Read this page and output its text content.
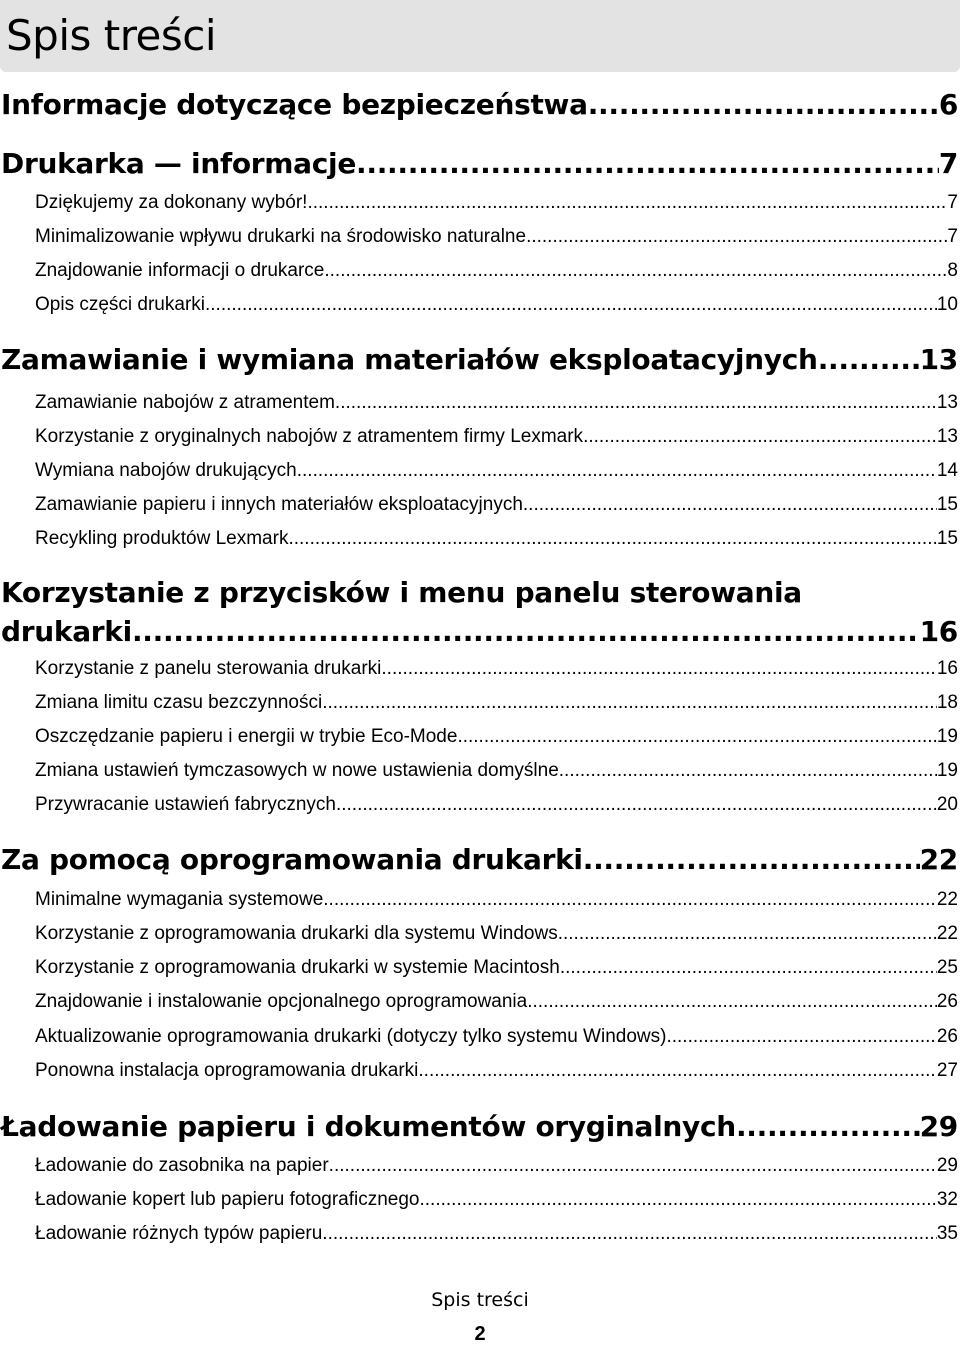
Spis treści
Informacje dotyczące bezpieczeństwa .....	6
Drukarka — informacje .....	7
Dziękujemy za dokonany wybór! .....	7
Minimalizowanie wpływu drukarki na środowisko naturalne .....	7
Znajdowanie informacji o drukarce .....	8
Opis części drukarki .....	10
Zamawianie i wymiana materiałów eksploatacyjnych .....	13
Zamawianie nabojów z atramentem .....	13
Korzystanie z oryginalnych nabojów z atramentem firmy Lexmark .....	13
Wymiana nabojów drukujących .....	14
Zamawianie papieru i innych materiałów eksploatacyjnych .....	15
Recykling produktów Lexmark .....	15
Korzystanie z przycisków i menu panelu sterowania
drukarki .....	16
Korzystanie z panelu sterowania drukarki .....	16
Zmiana limitu czasu bezczynności .....	18
Oszczędzanie papieru i energii w trybie Eco-Mode .....	19
Zmiana ustawień tymczasowych w nowe ustawienia domyślne .....	19
Przywracanie ustawień fabrycznych .....	20
Za pomocą oprogramowania drukarki .....	22
Minimalne wymagania systemowe .....	22
Korzystanie z oprogramowania drukarki dla systemu Windows .....	22
Korzystanie z oprogramowania drukarki w systemie Macintosh .....	25
Znajdowanie i instalowanie opcjonalnego oprogramowania .....	26
Aktualizowanie oprogramowania drukarki (dotyczy tylko systemu Windows) .....	26
Ponowna instalacja oprogramowania drukarki .....	27
Ładowanie papieru i dokumentów oryginalnych .....	29
Ładowanie do zasobnika na papier .....	29
Ładowanie kopert lub papieru fotograficznego .....	32
Ładowanie różnych typów papieru .....	35
Spis treści
2
